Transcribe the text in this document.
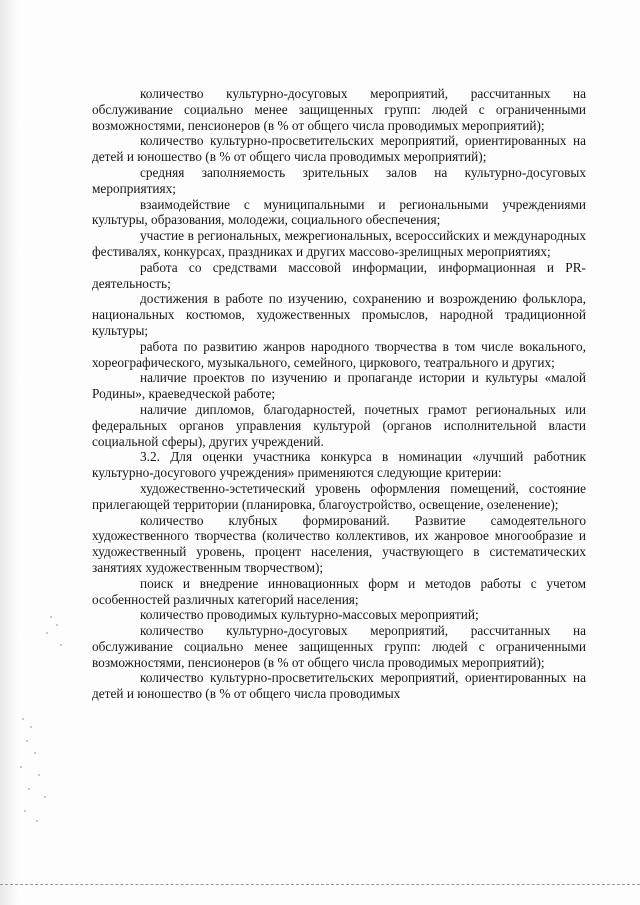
количество культурно-досуговых мероприятий, рассчитанных на обслуживание социально менее защищенных групп: людей с ограниченными возможностями, пенсионеров (в % от общего числа проводимых мероприятий);

количество культурно-просветительских мероприятий, ориентированных на детей и юношество (в % от общего числа проводимых мероприятий);

средняя заполняемость зрительных залов на культурно-досуговых мероприятиях;

взаимодействие с муниципальными и региональными учреждениями культуры, образования, молодежи, социального обеспечения;

участие в региональных, межрегиональных, всероссийских и международных фестивалях, конкурсах, праздниках и других массово-зрелищных мероприятиях;

работа со средствами массовой информации, информационная и PR-деятельность;

достижения в работе по изучению, сохранению и возрождению фольклора, национальных костюмов, художественных промыслов, народной традиционной культуры;

работа по развитию жанров народного творчества в том числе вокального, хореографического, музыкального, семейного, циркового, театрального и других;

наличие проектов по изучению и пропаганде истории и культуры «малой Родины», краеведческой работе;

наличие дипломов, благодарностей, почетных грамот региональных или федеральных органов управления культурой (органов исполнительной власти социальной сферы), других учреждений.

3.2. Для оценки участника конкурса в номинации «лучший работник культурно-досугового учреждения» применяются следующие критерии:

художественно-эстетический уровень оформления помещений, состояние прилегающей территории (планировка, благоустройство, освещение, озеленение);

количество клубных формирований. Развитие самодеятельного художественного творчества (количество коллективов, их жанровое многообразие и художественный уровень, процент населения, участвующего в систематических занятиях художественным творчеством);

поиск и внедрение инновационных форм и методов работы с учетом особенностей различных категорий населения;

количество проводимых культурно-массовых мероприятий;

количество культурно-досуговых мероприятий, рассчитанных на обслуживание социально менее защищенных групп: людей с ограниченными возможностями, пенсионеров (в % от общего числа проводимых мероприятий);

количество культурно-просветительских мероприятий, ориентированных на детей и юношество (в % от общего числа проводимых
